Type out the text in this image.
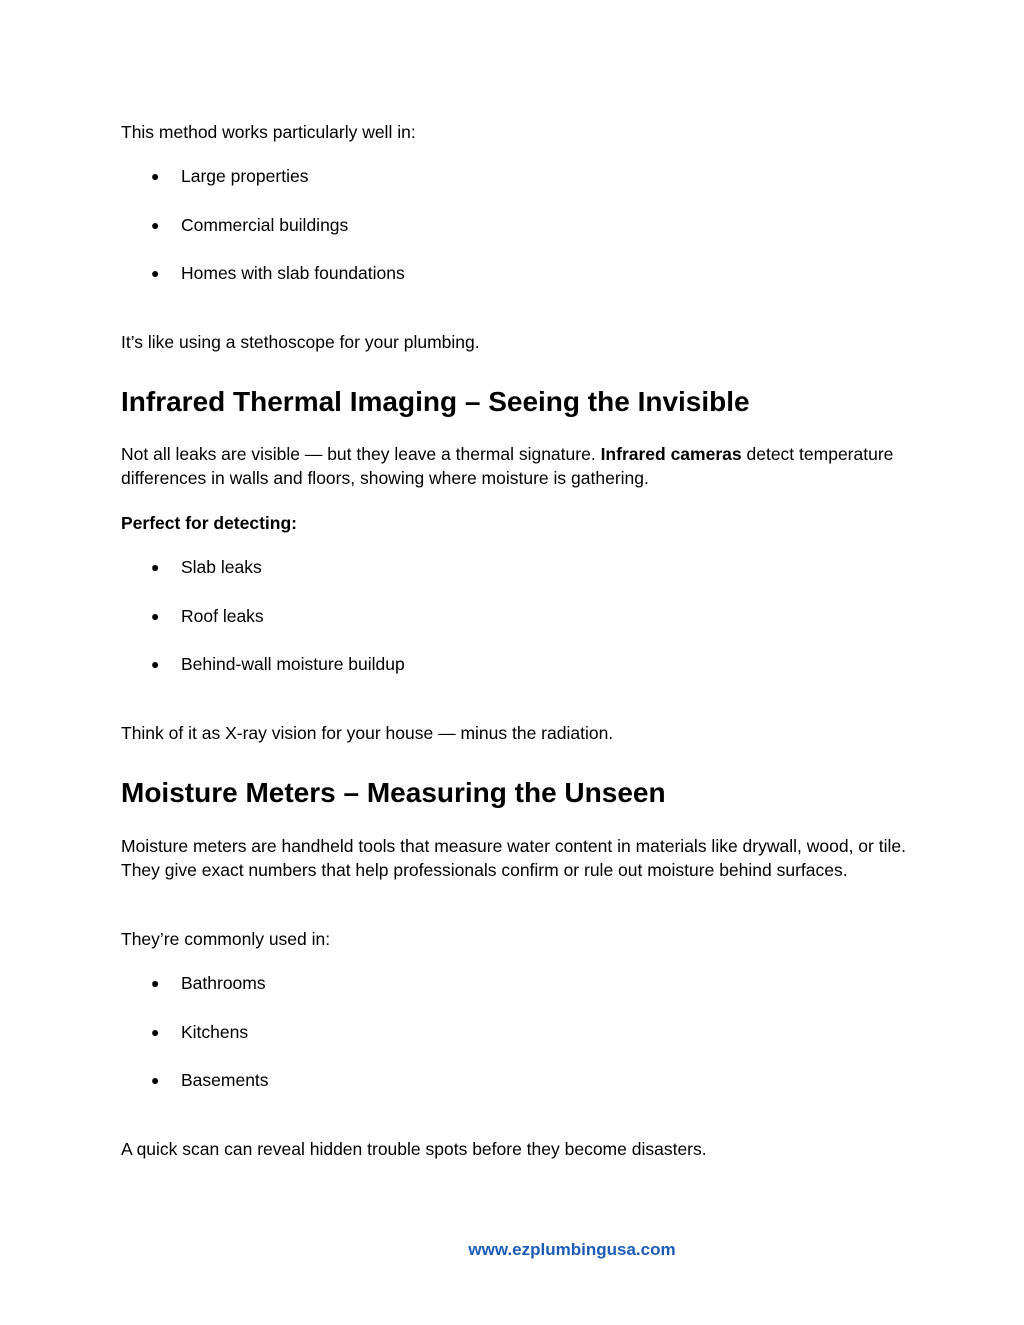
This method works particularly well in:

● Large properties
● Commercial buildings
● Homes with slab foundations

It’s like using a stethoscope for your plumbing.

Infrared Thermal Imaging – Seeing the Invisible

Not all leaks are visible — but they leave a thermal signature. Infrared cameras detect temperature differences in walls and floors, showing where moisture is gathering.

Perfect for detecting:

● Slab leaks
● Roof leaks
● Behind-wall moisture buildup

Think of it as X-ray vision for your house — minus the radiation.

Moisture Meters – Measuring the Unseen

Moisture meters are handheld tools that measure water content in materials like drywall, wood, or tile. They give exact numbers that help professionals confirm or rule out moisture behind surfaces.

They’re commonly used in:

● Bathrooms
● Kitchens
● Basements

A quick scan can reveal hidden trouble spots before they become disasters.

www.ezplumbingusa.com
